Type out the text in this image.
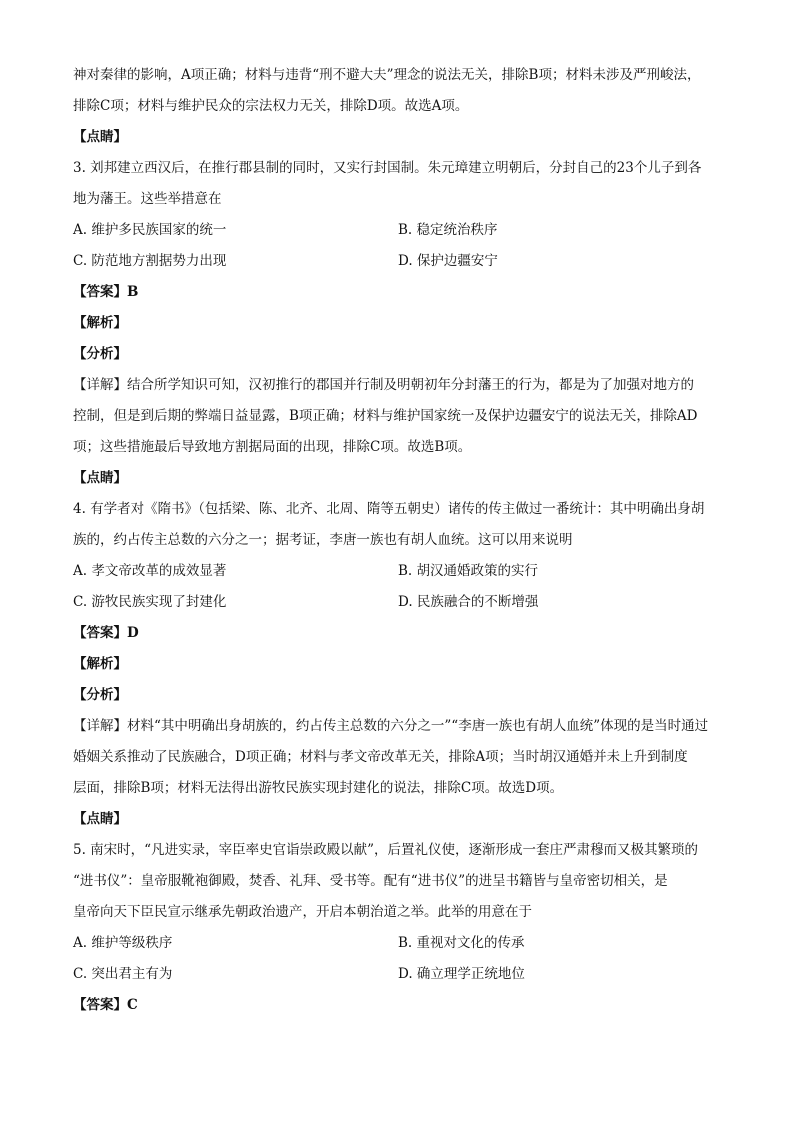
神对秦律的影响，A项正确；材料与违背“刑不避大夫”理念的说法无关，排除B项；材料未涉及严刑峻法，
排除C项；材料与维护民众的宗法权力无关，排除D项。故选A项。
【点睛】
3. 刘邦建立西汉后，在推行郡县制的同时，又实行封国制。朱元璋建立明朝后，分封自己的23个儿子到各
地为藩王。这些举措意在
A. 维护多民族国家的统一	B. 稳定统治秩序
C. 防范地方割据势力出现	D. 保护边疆安宁
【答案】B
【解析】
【分析】
【详解】结合所学知识可知，汉初推行的郡国并行制及明朝初年分封藩王的行为，都是为了加强对地方的
控制，但是到后期的弊端日益显露，B项正确；材料与维护国家统一及保护边疆安宁的说法无关，排除AD
项；这些措施最后导致地方割据局面的出现，排除C项。故选B项。
【点睛】
4. 有学者对《隋书》（包括梁、陈、北齐、北周、隋等五朝史）诸传的传主做过一番统计：其中明确出身胡
族的，约占传主总数的六分之一；据考证，李唐一族也有胡人血统。这可以用来说明
A. 孝文帝改革的成效显著	B. 胡汉通婚政策的实行
C. 游牧民族实现了封建化	D. 民族融合的不断增强
【答案】D
【解析】
【分析】
【详解】材料“其中明确出身胡族的，约占传主总数的六分之一”“李唐一族也有胡人血统”体现的是当时通过
婚姻关系推动了民族融合，D项正确；材料与孝文帝改革无关，排除A项；当时胡汉通婚并未上升到制度
层面，排除B项；材料无法得出游牧民族实现封建化的说法，排除C项。故选D项。
【点睛】
5. 南宋时，“凡进实录，宰臣率史官诣崇政殿以献”，后置礼仪使，逐渐形成一套庄严肃穆而又极其繁琐的
“进书仪”：皇帝服靴袍御殿，焚香、礼拜、受书等。配有“进书仪”的进呈书籍皆与皇帝密切相关，是
皇帝向天下臣民宣示继承先朝政治遗产，开启本朝治道之举。此举的用意在于
A. 维护等级秩序	B. 重视对文化的传承
C. 突出君主有为	D. 确立理学正统地位
【答案】C
